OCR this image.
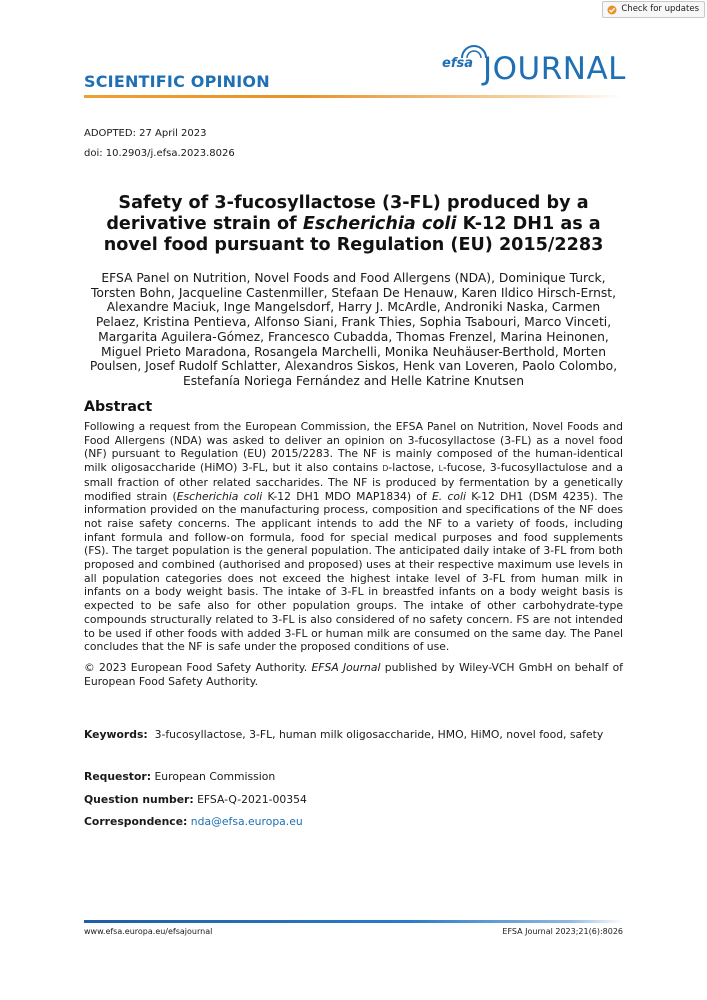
Check for updates
SCIENTIFIC OPINION
efsa JOURNAL
ADOPTED: 27 April 2023
doi: 10.2903/j.efsa.2023.8026
Safety of 3-fucosyllactose (3-FL) produced by a derivative strain of Escherichia coli K-12 DH1 as a novel food pursuant to Regulation (EU) 2015/2283
EFSA Panel on Nutrition, Novel Foods and Food Allergens (NDA), Dominique Turck, Torsten Bohn, Jacqueline Castenmiller, Stefaan De Henauw, Karen Ildico Hirsch-Ernst, Alexandre Maciuk, Inge Mangelsdorf, Harry J. McArdle, Androniki Naska, Carmen Pelaez, Kristina Pentieva, Alfonso Siani, Frank Thies, Sophia Tsabouri, Marco Vinceti, Margarita Aguilera-Gómez, Francesco Cubadda, Thomas Frenzel, Marina Heinonen, Miguel Prieto Maradona, Rosangela Marchelli, Monika Neuhäuser-Berthold, Morten Poulsen, Josef Rudolf Schlatter, Alexandros Siskos, Henk van Loveren, Paolo Colombo, Estefanía Noriega Fernández and Helle Katrine Knutsen
Abstract

Following a request from the European Commission, the EFSA Panel on Nutrition, Novel Foods and Food Allergens (NDA) was asked to deliver an opinion on 3-fucosyllactose (3-FL) as a novel food (NF) pursuant to Regulation (EU) 2015/2283. The NF is mainly composed of the human-identical milk oligosaccharide (HiMO) 3-FL, but it also contains D-lactose, L-fucose, 3-fucosyllactulose and a small fraction of other related saccharides. The NF is produced by fermentation by a genetically modified strain (Escherichia coli K-12 DH1 MDO MAP1834) of E. coli K-12 DH1 (DSM 4235). The information provided on the manufacturing process, composition and specifications of the NF does not raise safety concerns. The applicant intends to add the NF to a variety of foods, including infant formula and follow-on formula, food for special medical purposes and food supplements (FS). The target population is the general population. The anticipated daily intake of 3-FL from both proposed and combined (authorised and proposed) uses at their respective maximum use levels in all population categories does not exceed the highest intake level of 3-FL from human milk in infants on a body weight basis. The intake of 3-FL in breastfed infants on a body weight basis is expected to be safe also for other population groups. The intake of other carbohydrate-type compounds structurally related to 3-FL is also considered of no safety concern. FS are not intended to be used if other foods with added 3-FL or human milk are consumed on the same day. The Panel concludes that the NF is safe under the proposed conditions of use.

© 2023 European Food Safety Authority. EFSA Journal published by Wiley-VCH GmbH on behalf of European Food Safety Authority.

Keywords: 3-fucosyllactose, 3-FL, human milk oligosaccharide, HMO, HiMO, novel food, safety
Requestor: European Commission
Question number: EFSA-Q-2021-00354
Correspondence: nda@efsa.europa.eu
www.efsa.europa.eu/efsajournal	EFSA Journal 2023;21(6):8026
